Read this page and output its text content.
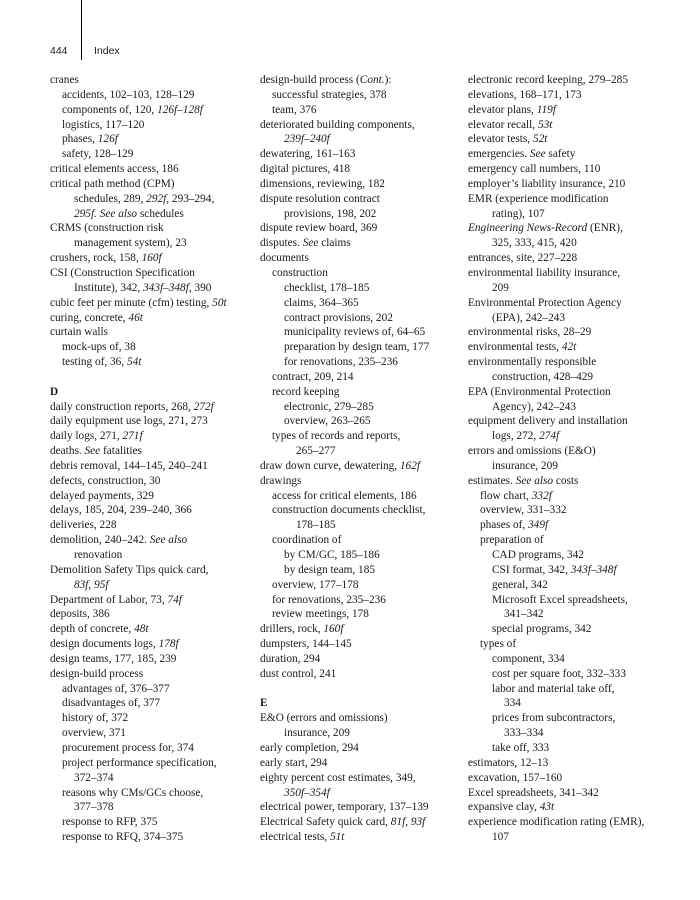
444	Index
cranes
accidents, 102–103, 128–129
components of, 120, 126f–128f
logistics, 117–120
phases, 126f
safety, 128–129
critical elements access, 186
critical path method (CPM)
schedules, 289, 292f, 293–294,
295f. See also schedules
CRMS (construction risk
management system), 23
crushers, rock, 158, 160f
CSI (Construction Specification
Institute), 342, 343f–348f, 390
cubic feet per minute (cfm) testing, 50t
curing, concrete, 46t
curtain walls
mock-ups of, 38
testing of, 36, 54t
D
daily construction reports, 268, 272f
daily equipment use logs, 271, 273
daily logs, 271, 271f
deaths. See fatalities
debris removal, 144–145, 240–241
defects, construction, 30
delayed payments, 329
delays, 185, 204, 239–240, 366
deliveries, 228
demolition, 240–242. See also
renovation
Demolition Safety Tips quick card,
83f, 95f
Department of Labor, 73, 74f
deposits, 386
depth of concrete, 48t
design documents logs, 178f
design teams, 177, 185, 239
design-build process
advantages of, 376–377
disadvantages of, 377
history of, 372
overview, 371
procurement process for, 374
project performance specification,
372–374
reasons why CMs/GCs choose,
377–378
response to RFP, 375
response to RFQ, 374–375
design-build process (Cont.):
successful strategies, 378
team, 376
deteriorated building components,
239f–240f
dewatering, 161–163
digital pictures, 418
dimensions, reviewing, 182
dispute resolution contract
provisions, 198, 202
dispute review board, 369
disputes. See claims
documents
construction
checklist, 178–185
claims, 364–365
contract provisions, 202
municipality reviews of, 64–65
preparation by design team, 177
for renovations, 235–236
contract, 209, 214
record keeping
electronic, 279–285
overview, 263–265
types of records and reports,
265–277
draw down curve, dewatering, 162f
drawings
access for critical elements, 186
construction documents checklist,
178–185
coordination of
by CM/GC, 185–186
by design team, 185
overview, 177–178
for renovations, 235–236
review meetings, 178
drillers, rock, 160f
dumpsters, 144–145
duration, 294
dust control, 241
E
E&O (errors and omissions)
insurance, 209
early completion, 294
early start, 294
eighty percent cost estimates, 349,
350f–354f
electrical power, temporary, 137–139
Electrical Safety quick card, 81f, 93f
electrical tests, 51t
electronic record keeping, 279–285
elevations, 168–171, 173
elevator plans, 119f
elevator recall, 53t
elevator tests, 52t
emergencies. See safety
emergency call numbers, 110
employer’s liability insurance, 210
EMR (experience modification
rating), 107
Engineering News-Record (ENR),
325, 333, 415, 420
entrances, site, 227–228
environmental liability insurance,
209
Environmental Protection Agency
(EPA), 242–243
environmental risks, 28–29
environmental tests, 42t
environmentally responsible
construction, 428–429
EPA (Environmental Protection
Agency), 242–243
equipment delivery and installation
logs, 272, 274f
errors and omissions (E&O)
insurance, 209
estimates. See also costs
flow chart, 332f
overview, 331–332
phases of, 349f
preparation of
CAD programs, 342
CSI format, 342, 343f–348f
general, 342
Microsoft Excel spreadsheets,
341–342
special programs, 342
types of
component, 334
cost per square foot, 332–333
labor and material take off,
334
prices from subcontractors,
333–334
take off, 333
estimators, 12–13
excavation, 157–160
Excel spreadsheets, 341–342
expansive clay, 43t
experience modification rating (EMR),
107
